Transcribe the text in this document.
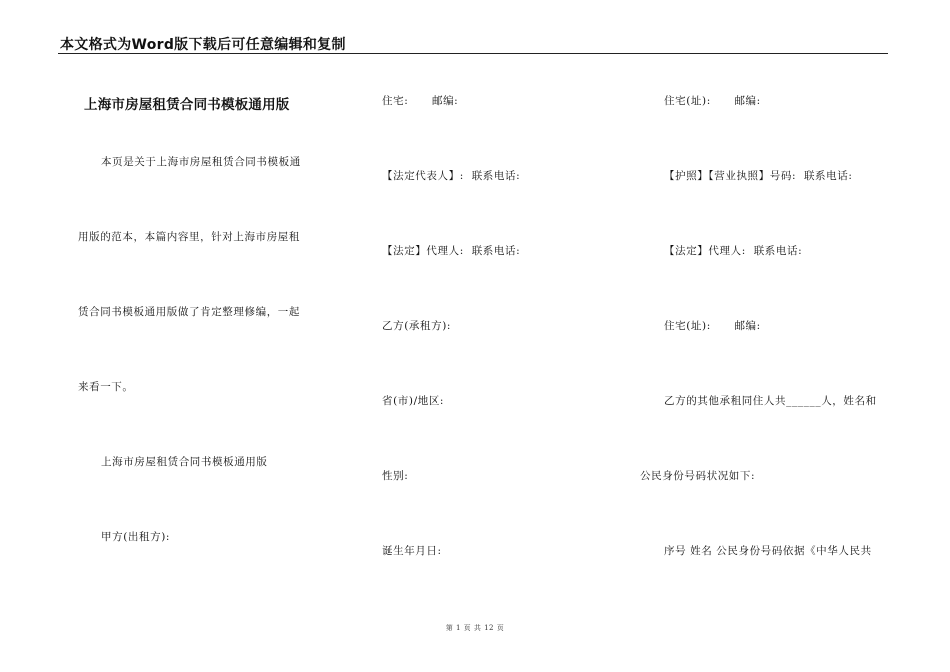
本文格式为Word版下载后可任意编辑和复制
上海市房屋租赁合同书模板通用版
本页是关于上海市房屋租赁合同书模板通
用版的范本，本篇内容里，针对上海市房屋租
赁合同书模板通用版做了肯定整理修编，一起
来看一下。
上海市房屋租赁合同书模板通用版
甲方(出租方):
住宅:      邮编:
【法定代表人】:  联系电话:
【法定】代理人:  联系电话:
乙方(承租方):
省(市)/地区:
性别:
诞生年月日:
住宅(址):      邮编:
【护照】【营业执照】号码:  联系电话:
【法定】代理人:  联系电话:
住宅(址):      邮编:
乙方的其他承租同住人共______人，姓名和
公民身份号码状况如下:
序号 姓名 公民身份号码依据《中华人民共
第 1 页 共 12 页
